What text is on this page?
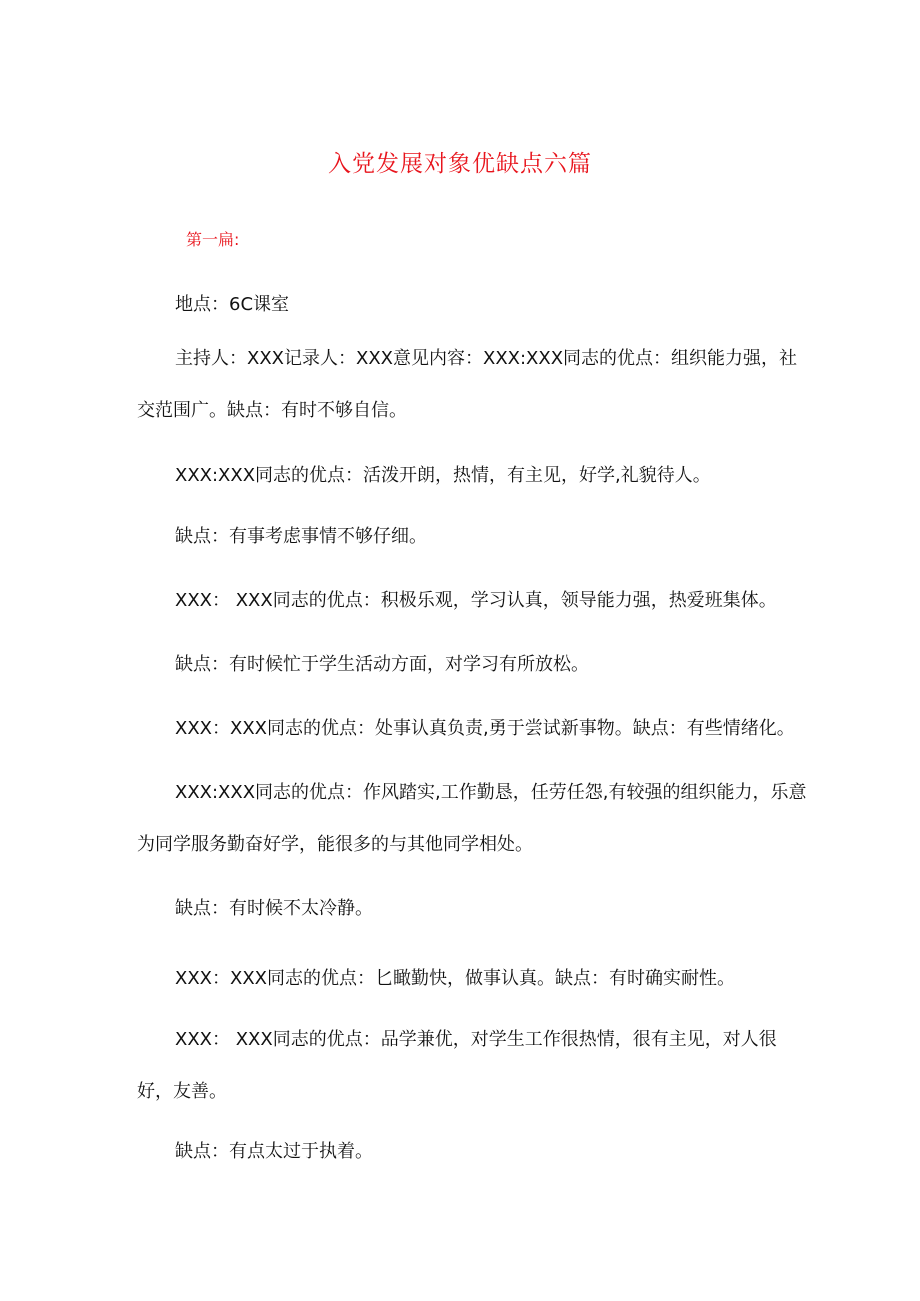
入党发展对象优缺点六篇
第一扁:

地点：6C课室

主持人：XXX记录人：XXX意见内容：XXX:XXX同志的优点：组织能力强，社交范围广。缺点：有时不够自信。

XXX:XXX同志的优点：活泼开朗，热情，有主见，好学,礼貌待人。

缺点：有事考虑事情不够仔细。

XXX： XXX同志的优点：积极乐观，学习认真，领导能力强，热爱班集体。

缺点：有时候忙于学生活动方面，对学习有所放松。

XXX：XXX同志的优点：处事认真负责,勇于尝试新事物。缺点：有些情绪化。

XXX:XXX同志的优点：作风踏实,工作勤恳，任劳任怨,有较强的组织能力，乐意为同学服务勤奋好学，能很多的与其他同学相处。

缺点：有时候不太冷静。

XXX：XXX同志的优点：匕瞰勤快，做事认真。缺点：有时确实耐性。

XXX： XXX同志的优点：品学兼优，对学生工作很热情，很有主见，对人很好，友善。

缺点：有点太过于执着。
